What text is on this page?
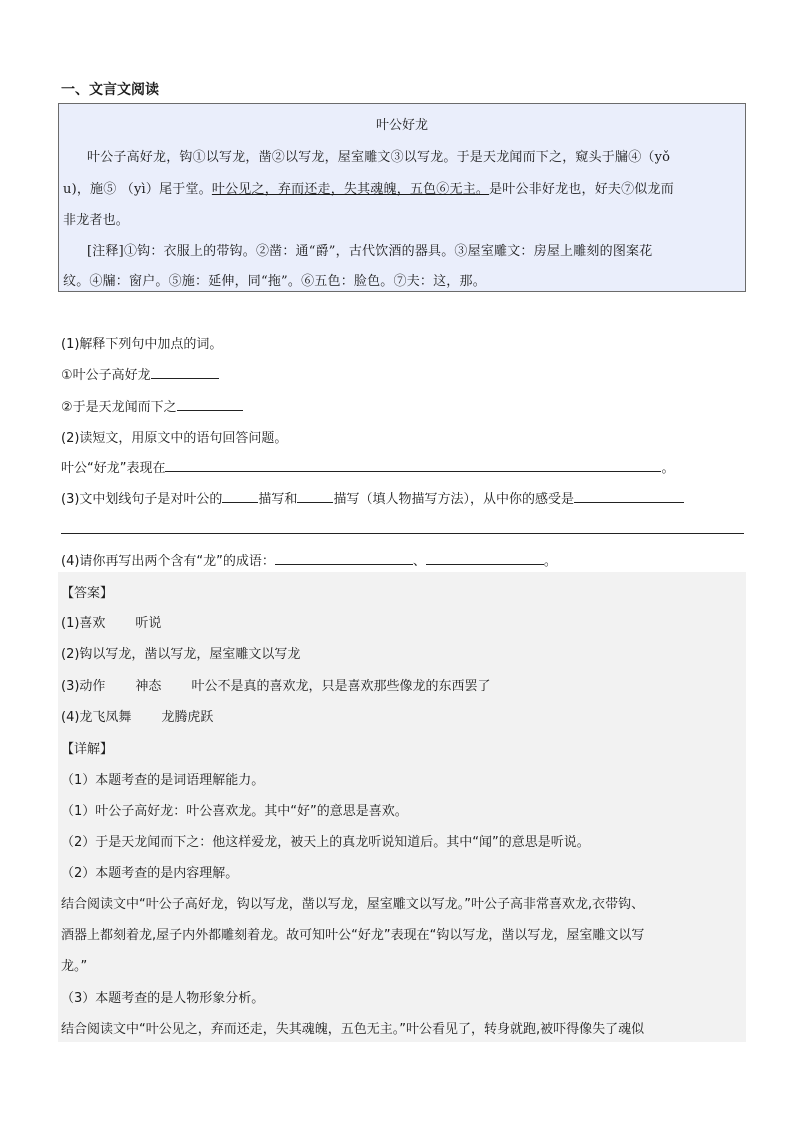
一、文言文阅读
叶公好龙
叶公子高好龙，钩①以写龙，凿②以写龙，屋室雕文③以写龙。于是天龙闻而下之，窥头于牖④（yǒ
u)，施⑤ （yì）尾于堂。叶公见之，弃而还走，失其魂魄，五色⑥无主。是叶公非好龙也，好夫⑦似龙而
非龙者也。
[注释]①钩：衣服上的带钩。②凿：通“爵”，古代饮酒的器具。③屋室雕文：房屋上雕刻的图案花
纹。④牖：窗户。⑤施：延伸，同“拖”。⑥五色：脸色。⑦夫：这，那。
(1)解释下列句中加点的词。
①叶公子高好龙
②于是天龙闻而下之
(2)读短文，用原文中的语句回答问题。
叶公“好龙”表现在	。
(3)文中划线句子是对叶公的	描写和	描写（填人物描写方法），从中你的感受是
(4)请你再写出两个含有“龙”的成语：	、	。
【答案】
(1)喜欢 听说
(2)钩以写龙，凿以写龙，屋室雕文以写龙
(3)动作 神态 叶公不是真的喜欢龙，只是喜欢那些像龙的东西罢了
(4)龙飞凤舞 龙腾虎跃
【详解】
（1）本题考查的是词语理解能力。
（1）叶公子高好龙：叶公喜欢龙。其中“好”的意思是喜欢。
（2）于是天龙闻而下之：他这样爱龙，被天上的真龙听说知道后。其中“闻”的意思是听说。
（2）本题考查的是内容理解。
结合阅读文中“叶公子高好龙，钩以写龙，凿以写龙，屋室雕文以写龙。”叶公子高非常喜欢龙,衣带钩、
酒器上都刻着龙,屋子内外都雕刻着龙。故可知叶公“好龙”表现在“钩以写龙，凿以写龙，屋室雕文以写
龙。”
（3）本题考查的是人物形象分析。
结合阅读文中“叶公见之，弃而还走，失其魂魄，五色无主。”叶公看见了，转身就跑,被吓得像失了魂似
